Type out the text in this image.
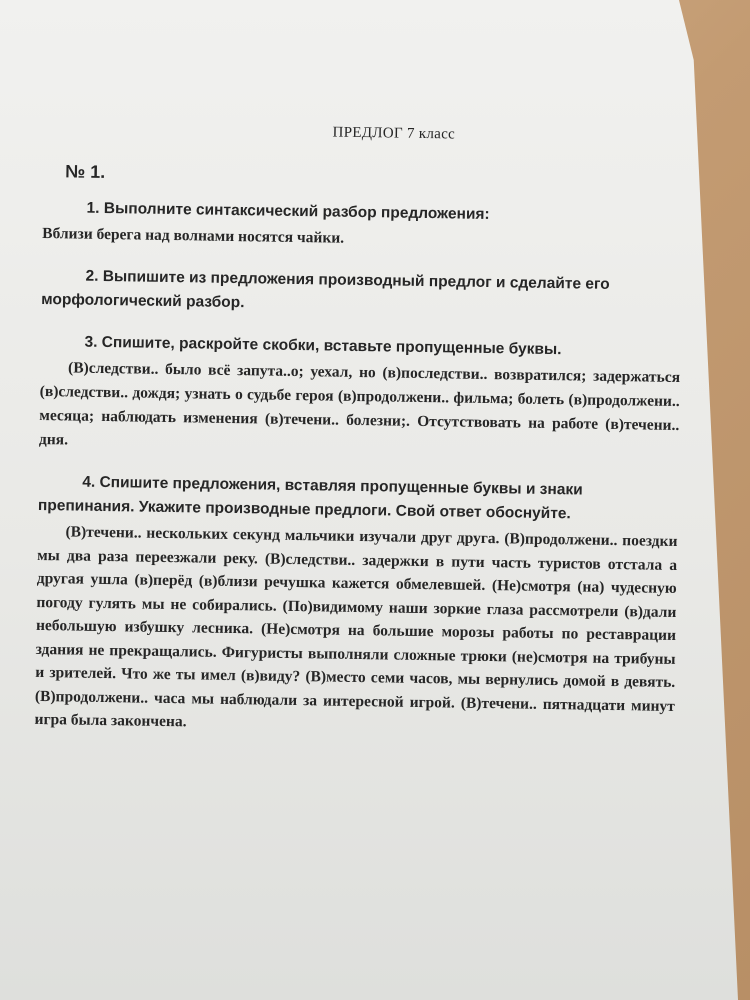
ПРЕДЛОГ 7 класс
№ 1.

1. Выполните синтаксический разбор предложения:

Вблизи берега над волнами носятся чайки.

2. Выпишите из предложения производный предлог и сделайте его морфологический разбор.

3. Спишите, раскройте скобки, вставьте пропущенные буквы.

(В)следстви.. было всё запута..о; уехал, но (в)последстви.. возвратился; задержаться (в)следстви.. дождя; узнать о судьбе героя (в)продолжени.. фильма; болеть (в)продолжени.. месяца; наблюдать изменения (в)течени.. болезни;. Отсутствовать на работе (в)течени.. дня.

4. Спишите предложения, вставляя пропущенные буквы и знаки препинания. Укажите производные предлоги. Свой ответ обоснуйте.

(В)течени.. нескольких секунд мальчики изучали друг друга. (В)продолжени.. поездки мы два раза переезжали реку. (В)следстви.. задержки в пути часть туристов отстала а другая ушла (в)перёд (в)близи речушка кажется обмелевшей. (Не)смотря (на) чудесную погоду гулять мы не собирались. (По)видимому наши зоркие глаза рассмотрели (в)дали небольшую избушку лесника. (Не)смотря на большие морозы работы по реставрации здания не прекращались. Фигуристы выполняли сложные трюки (не)смотря на трибуны и зрителей. Что же ты имел (в)виду? (В)место семи часов, мы вернулись домой в девять. (В)продолжени.. часа мы наблюдали за интересной игрой. (В)течени.. пятнадцати минут игра была закончена.
